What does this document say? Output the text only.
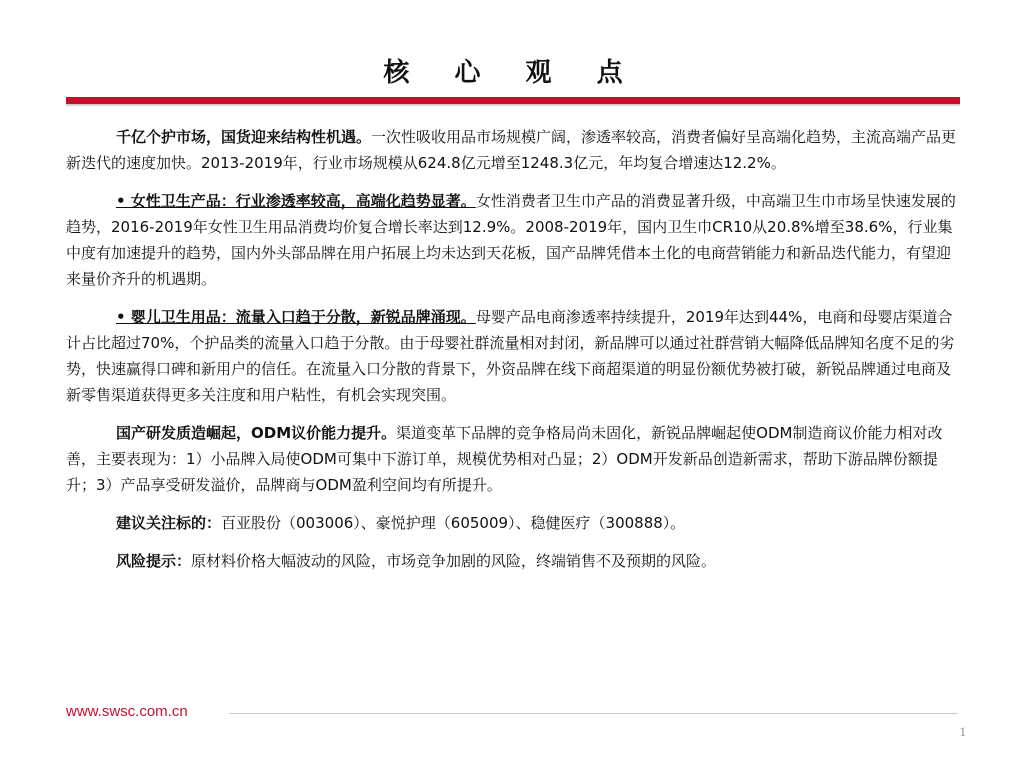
核 心 观 点

千亿个护市场，国货迎来结构性机遇。一次性吸收用品市场规模广阔，渗透率较高，消费者偏好呈高端化趋势，主流高端产品更新迭代的速度加快。2013-2019年，行业市场规模从624.8亿元增至1248.3亿元，年均复合增速达12.2%。

• 女性卫生产品：行业渗透率较高，高端化趋势显著。女性消费者卫生巾产品的消费显著升级，中高端卫生巾市场呈快速发展的趋势，2016-2019年女性卫生用品消费均价复合增长率达到12.9%。2008-2019年，国内卫生巾CR10从20.8%增至38.6%，行业集中度有加速提升的趋势，国内外头部品牌在用户拓展上均未达到天花板，国产品牌凭借本土化的电商营销能力和新品迭代能力，有望迎来量价齐升的机遇期。

• 婴儿卫生用品：流量入口趋于分散，新锐品牌涌现。母婴产品电商渗透率持续提升，2019年达到44%，电商和母婴店渠道合计占比超过70%，个护品类的流量入口趋于分散。由于母婴社群流量相对封闭，新品牌可以通过社群营销大幅降低品牌知名度不足的劣势，快速赢得口碑和新用户的信任。在流量入口分散的背景下，外资品牌在线下商超渠道的明显份额优势被打破，新锐品牌通过电商及新零售渠道获得更多关注度和用户粘性，有机会实现突围。

国产研发质造崛起，ODM议价能力提升。渠道变革下品牌的竞争格局尚未固化，新锐品牌崛起使ODM制造商议价能力相对改善，主要表现为：1）小品牌入局使ODM可集中下游订单，规模优势相对凸显；2）ODM开发新品创造新需求，帮助下游品牌份额提升；3）产品享受研发溢价，品牌商与ODM盈利空间均有所提升。

建议关注标的：百亚股份（003006）、豪悦护理（605009）、稳健医疗（300888）。

风险提示：原材料价格大幅波动的风险，市场竞争加剧的风险，终端销售不及预期的风险。

www.swsc.com.cn
1
